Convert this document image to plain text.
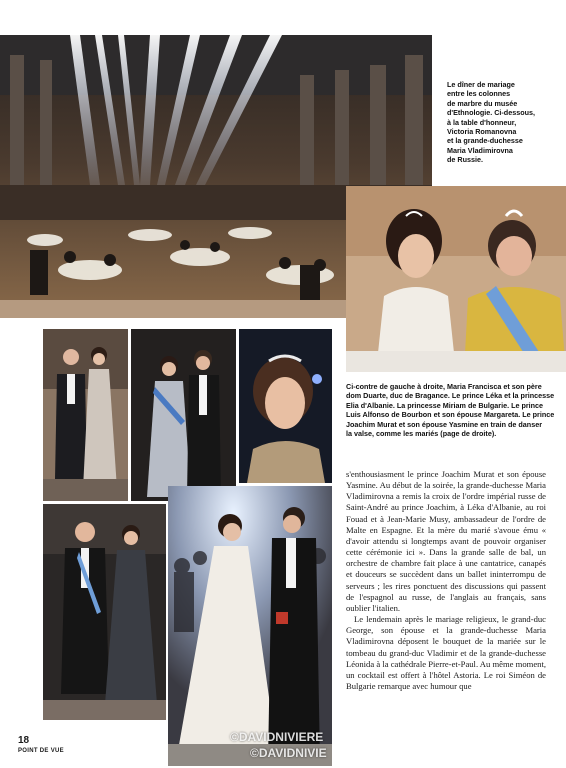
Le dîner de mariage

entre les colonnes

de marbre du musée

d'Ethnologie. Ci-dessous,

à la table d'honneur,

Victoria Romanovna

et la grande-duchesse

Maria Vladimirovna

de Russie.

Ci-contre de gauche à droite, Maria Francisca et son père

dom Duarte, duc de Bragance. Le prince Léka et la princesse

Elia d'Albanie. La princesse Miriam de Bulgarie. Le prince

Luis Alfonso de Bourbon et son épouse Margareta. Le prince

Joachim Murat et son épouse Yasmine en train de danser

la valse, comme les mariés (page de droite).

©DAVIDNIVIERE
©DAVIDNIVIE

s'enthousiasment le prince Joachim Murat et son épouse Yasmine. Au début de la soirée, la grande-duchesse Maria Vladimirovna a remis la croix de l'ordre impérial russe de Saint-André au prince Joachim, à Léka d'Albanie, au roi Fouad et à Jean-Marie Musy, ambassadeur de l'ordre de Malte en Espagne. Et la mère du marié s'avoue ému « d'avoir attendu si longtemps avant de pouvoir organiser cette cérémonie ici ». Dans la grande salle de bal, un orchestre de chambre fait place à une cantatrice, canapés et douceurs se succèdent dans un ballet ininterrompu de serveurs ; les rires ponctuent des discussions qui passent de l'espagnol au russe, de l'anglais au français, sans oublier l'italien.

Le lendemain après le mariage religieux, le grand-duc George, son épouse et la grande-duchesse Maria Vladimirovna déposent le bouquet de la mariée sur le tombeau du grand-duc Vladimir et de la grande-duchesse Léonida à la cathédrale Pierre-et-Paul. Au même moment, un cocktail est offert à l'hôtel Astoria. Le roi Siméon de Bulgarie remarque avec humour que

18
POINT DE VUE
